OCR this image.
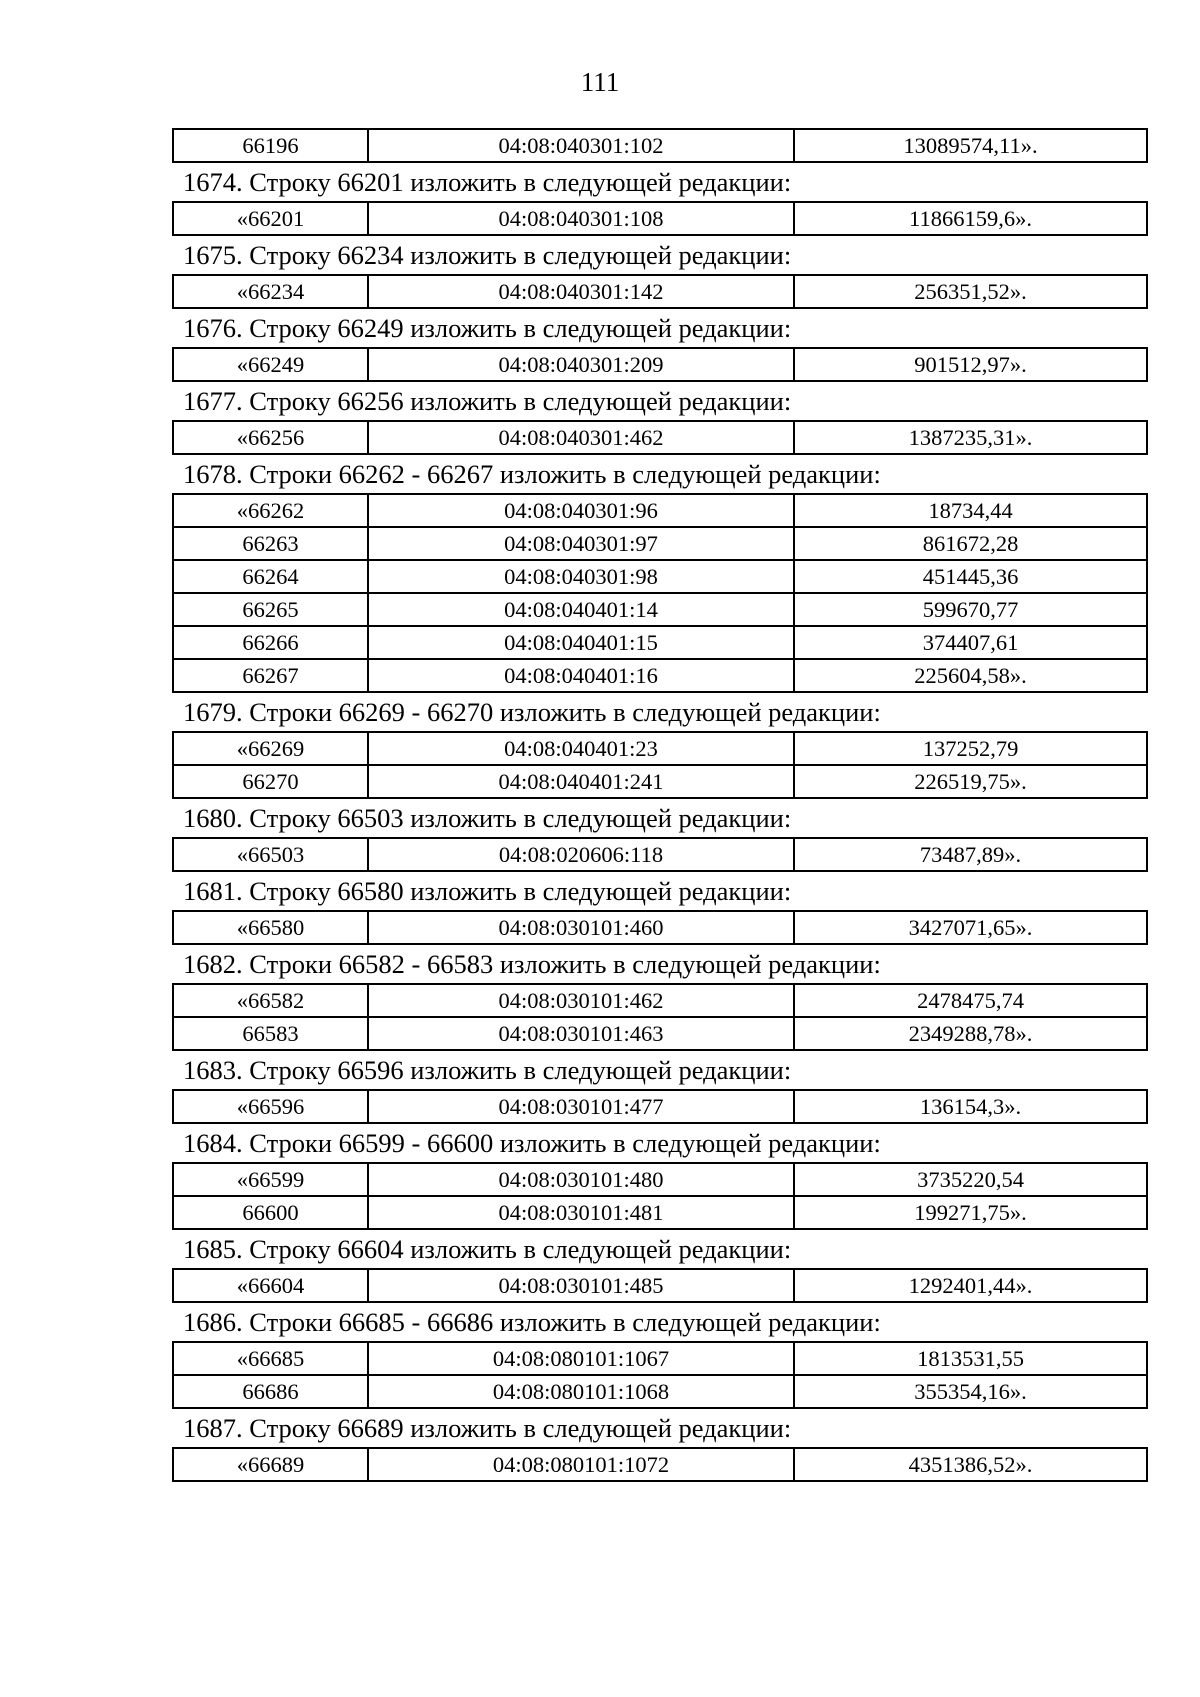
111
66196	04:08:040301:102	13089574,11».
1674. Строку 66201 изложить в следующей редакции:
«66201	04:08:040301:108	11866159,6».
1675. Строку 66234 изложить в следующей редакции:
«66234	04:08:040301:142	256351,52».
1676. Строку 66249 изложить в следующей редакции:
«66249	04:08:040301:209	901512,97».
1677. Строку 66256 изложить в следующей редакции:
«66256	04:08:040301:462	1387235,31».
1678. Строки 66262 - 66267 изложить в следующей редакции:
«66262	04:08:040301:96	18734,44
66263	04:08:040301:97	861672,28
66264	04:08:040301:98	451445,36
66265	04:08:040401:14	599670,77
66266	04:08:040401:15	374407,61
66267	04:08:040401:16	225604,58».
1679. Строки 66269 - 66270 изложить в следующей редакции:
«66269	04:08:040401:23	137252,79
66270	04:08:040401:241	226519,75».
1680. Строку 66503 изложить в следующей редакции:
«66503	04:08:020606:118	73487,89».
1681. Строку 66580 изложить в следующей редакции:
«66580	04:08:030101:460	3427071,65».
1682. Строки 66582 - 66583 изложить в следующей редакции:
«66582	04:08:030101:462	2478475,74
66583	04:08:030101:463	2349288,78».
1683. Строку 66596 изложить в следующей редакции:
«66596	04:08:030101:477	136154,3».
1684. Строки 66599 - 66600 изложить в следующей редакции:
«66599	04:08:030101:480	3735220,54
66600	04:08:030101:481	199271,75».
1685. Строку 66604 изложить в следующей редакции:
«66604	04:08:030101:485	1292401,44».
1686. Строки 66685 - 66686 изложить в следующей редакции:
«66685	04:08:080101:1067	1813531,55
66686	04:08:080101:1068	355354,16».
1687. Строку 66689 изложить в следующей редакции:
«66689	04:08:080101:1072	4351386,52».
